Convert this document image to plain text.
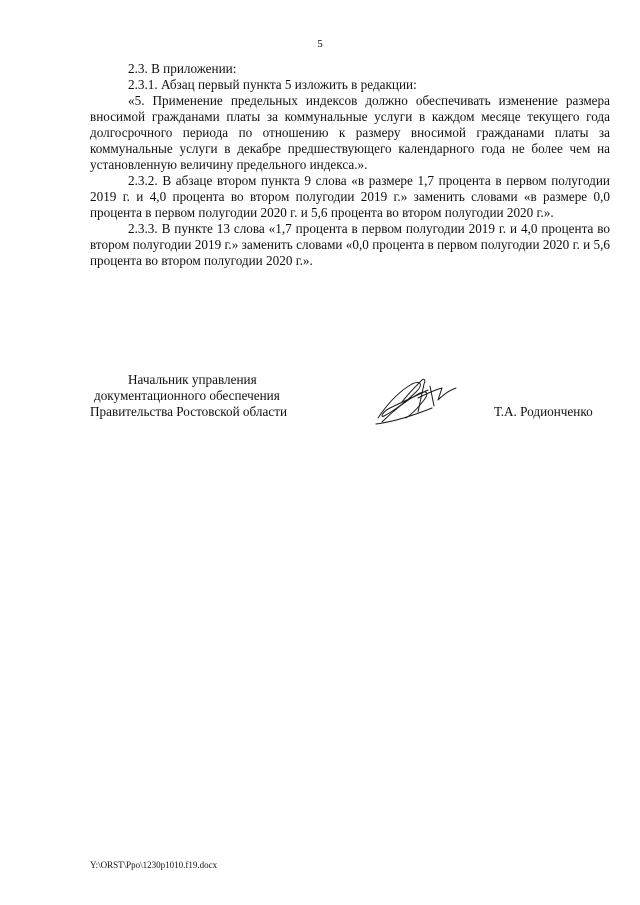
5

2.3. В приложении:

2.3.1. Абзац первый пункта 5 изложить в редакции:

«5. Применение предельных индексов должно обеспечивать изменение размера вносимой гражданами платы за коммунальные услуги в каждом месяце текущего года долгосрочного периода по отношению к размеру вносимой гражданами платы за коммунальные услуги в декабре предшествующего календарного года не более чем на установленную величину предельного индекса.».

2.3.2. В абзаце втором пункта 9 слова «в размере 1,7 процента в первом полугодии 2019 г. и 4,0 процента во втором полугодии 2019 г.» заменить словами «в размере 0,0 процента в первом полугодии 2020 г. и 5,6 процента во втором полугодии 2020 г.».

2.3.3. В пункте 13 слова «1,7 процента в первом полугодии 2019 г. и 4,0 процента во втором полугодии 2019 г.» заменить словами «0,0 процента в первом полугодии 2020 г. и 5,6 процента во втором полугодии 2020 г.».

Начальник управления
документационного обеспечения
Правительства Ростовской области	Т.А. Родионченко
Y:\ORST\Ppo\1230p1010.f19.docx
